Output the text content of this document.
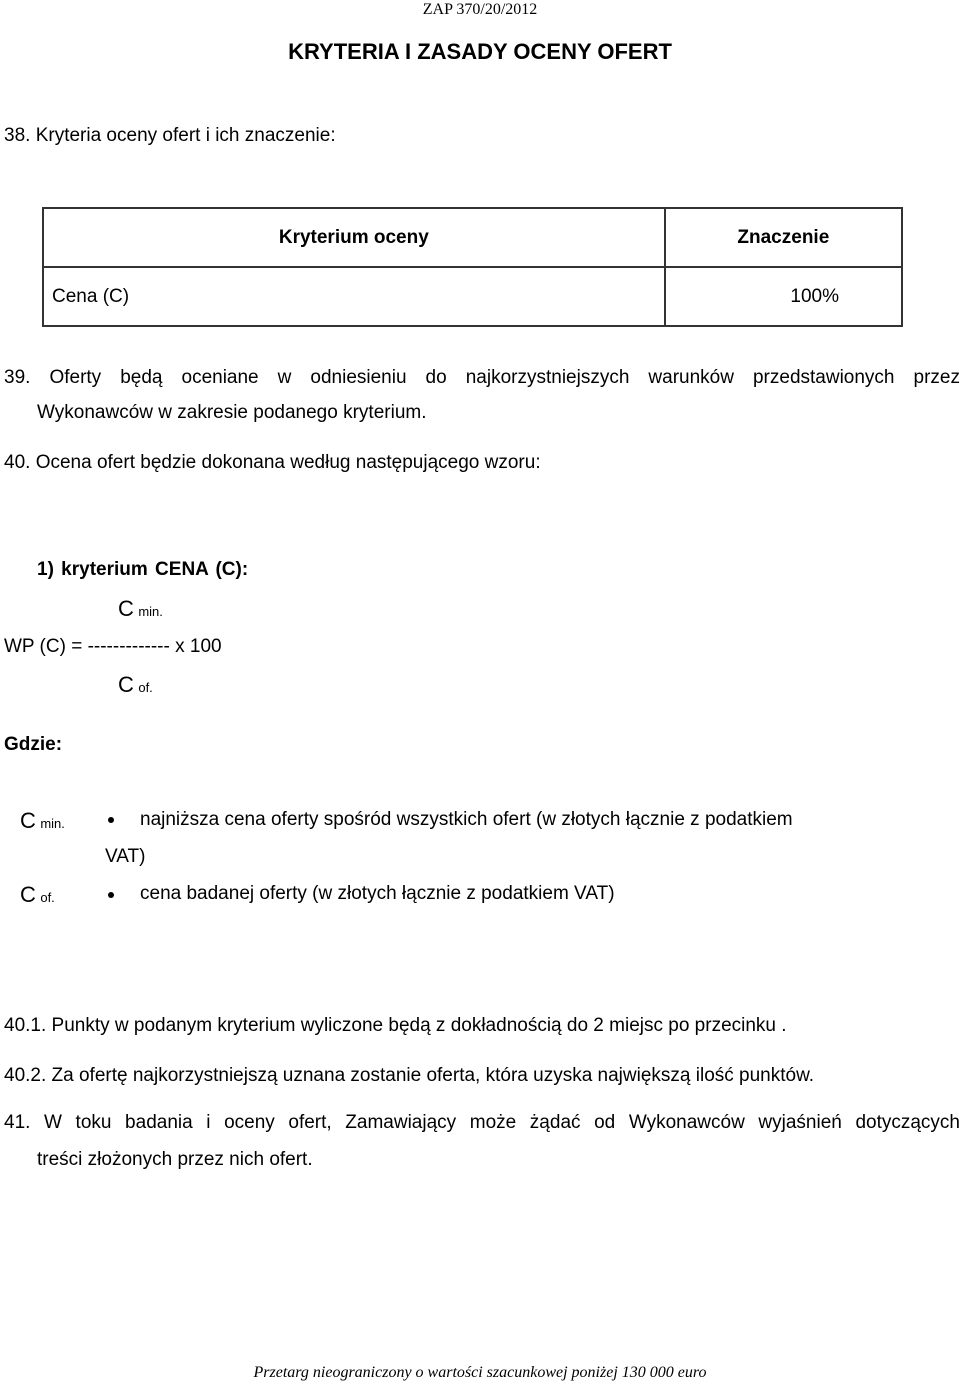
ZAP 370/20/2012
KRYTERIA I ZASADY OCENY OFERT
38. Kryteria oceny ofert i ich znaczenie:
Kryterium oceny	Znaczenie
Cena (C)	100%
39. Oferty będą oceniane w odniesieniu do najkorzystniejszych warunków przedstawionych przez
Wykonawców w zakresie podanego kryterium.
40. Ocena ofert będzie dokonana według następującego wzoru:
1) kryterium CENA (C):
C min.
WP (C) = ------------- x 100
C of.
Gdzie:
C min.	najniższa cena oferty spośród wszystkich ofert (w złotych łącznie z podatkiem
VAT)
C of.	cena badanej oferty (w złotych łącznie z podatkiem VAT)
40.1. Punkty w podanym kryterium wyliczone będą z dokładnością do 2 miejsc po przecinku .
40.2. Za ofertę najkorzystniejszą uznana zostanie oferta, która uzyska największą ilość punktów.
41. W toku badania i oceny ofert, Zamawiający może żądać od Wykonawców wyjaśnień dotyczących
treści złożonych przez nich ofert.
Przetarg nieograniczony o wartości szacunkowej poniżej 130 000 euro
